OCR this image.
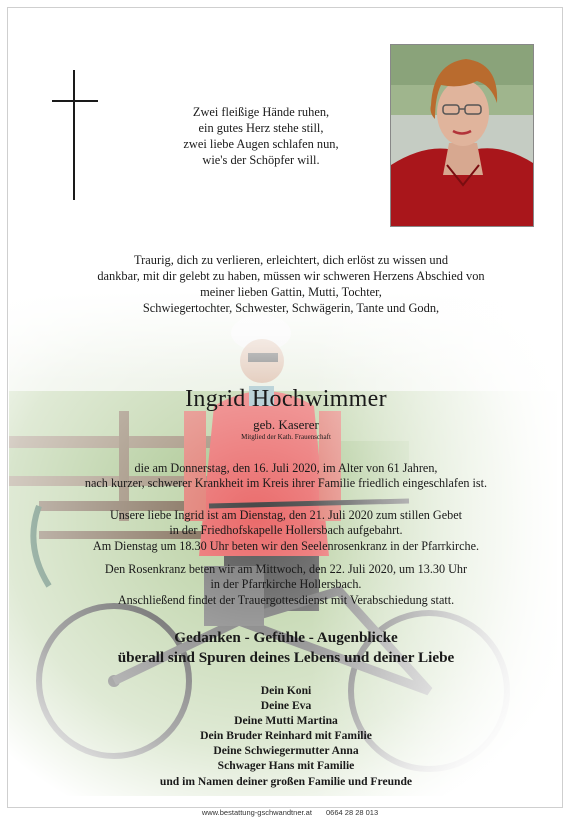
Zwei fleißige Hände ruhen,
ein gutes Herz stehe still,
zwei liebe Augen schlafen nun,
wie's der Schöpfer will.
Traurig, dich zu verlieren, erleichtert, dich erlöst zu wissen und
dankbar, mit dir gelebt zu haben, müssen wir schweren Herzens Abschied von
meiner lieben Gattin, Mutti, Tochter,
Schwiegertochter, Schwester, Schwägerin, Tante und Godn,
Ingrid Hochwimmer
geb. Kaserer
Mitglied der Kath. Frauenschaft
die am Donnerstag, den 16. Juli 2020, im Alter von 61 Jahren,
nach kurzer, schwerer Krankheit im Kreis ihrer Familie friedlich eingeschlafen ist.
Unsere liebe Ingrid ist am Dienstag, den 21. Juli 2020 zum stillen Gebet
in der Friedhofskapelle Hollersbach aufgebahrt.
Am Dienstag um 18.30 Uhr beten wir den Seelenrosenkranz in der Pfarrkirche.
Den Rosenkranz beten wir am Mittwoch, den 22. Juli 2020, um 13.30 Uhr
in der Pfarrkirche Hollersbach.
Anschließend findet der Trauergottesdienst mit Verabschiedung statt.
Gedanken - Gefühle - Augenblicke
überall sind Spuren deines Lebens und deiner Liebe
Dein Koni
Deine Eva
Deine Mutti Martina
Dein Bruder Reinhard mit Familie
Deine Schwiegermutter Anna
Schwager Hans mit Familie
und im Namen deiner großen Familie und Freunde
www.bestattung-gschwandtner.at 0664 28 28 013
